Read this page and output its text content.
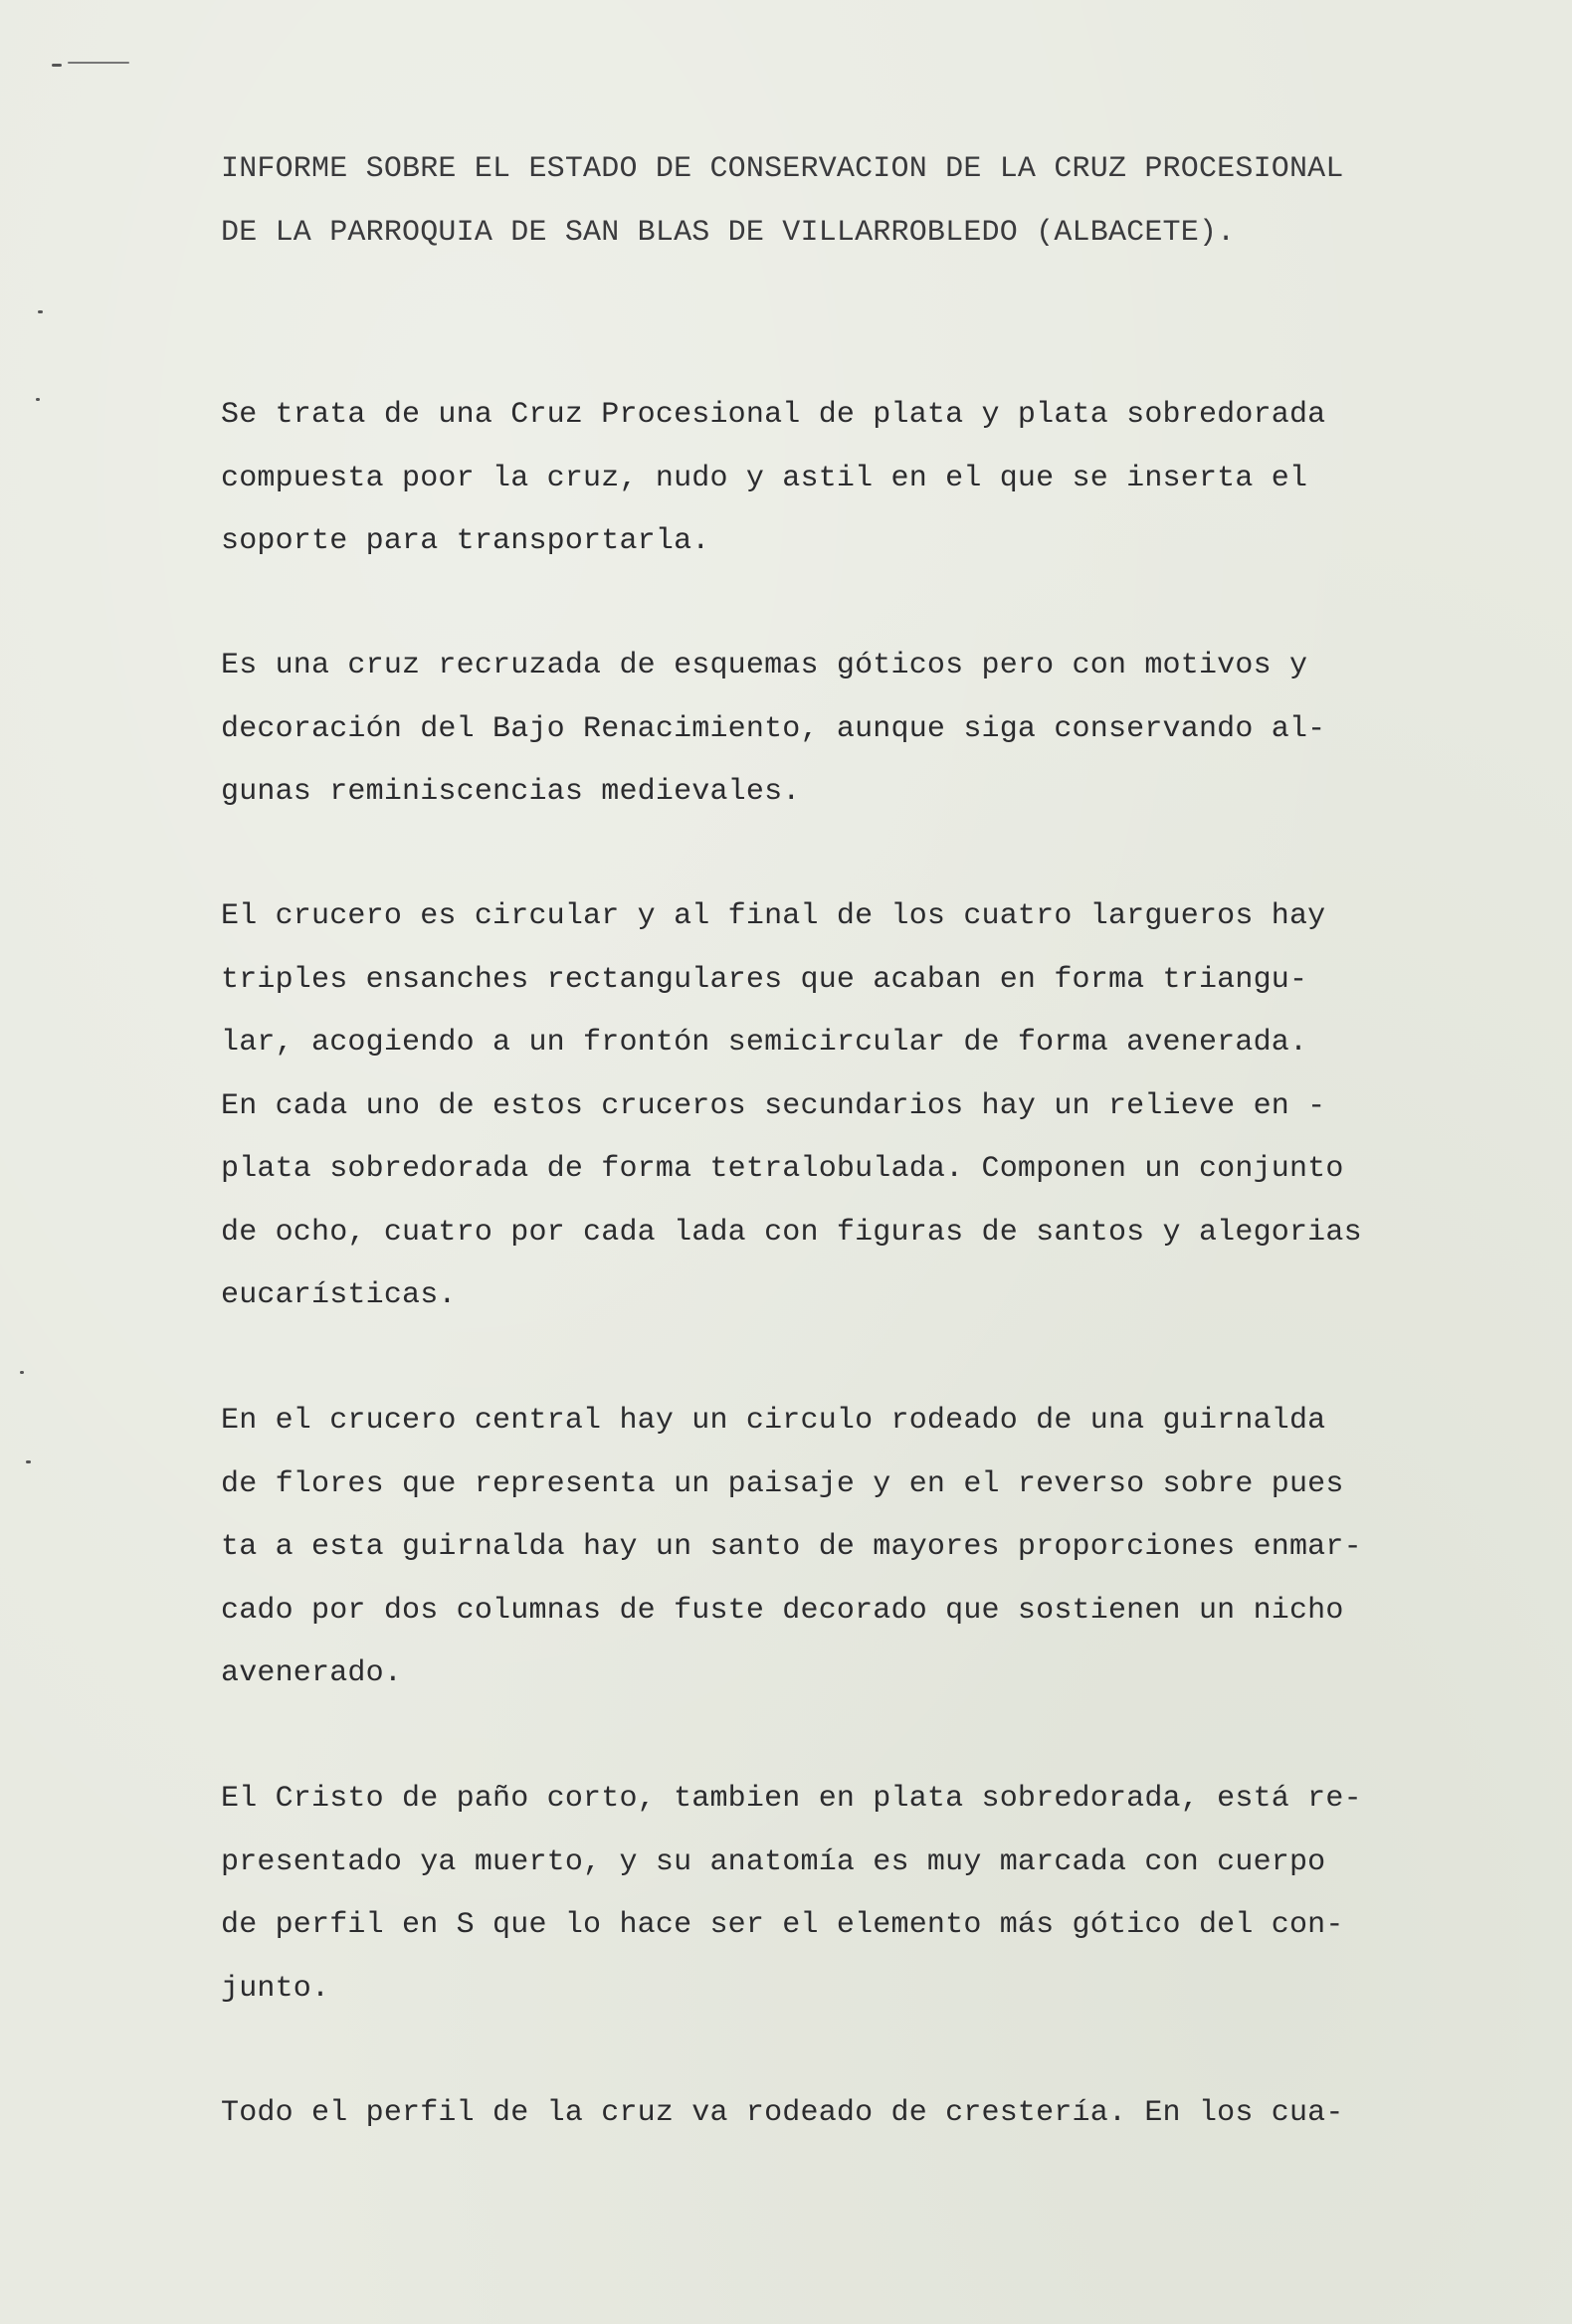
INFORME SOBRE EL ESTADO DE CONSERVACION DE LA CRUZ PROCESIONAL
DE LA PARROQUIA DE SAN BLAS DE VILLARROBLEDO (ALBACETE).

Se trata de una Cruz Procesional de plata y plata sobredorada
compuesta poor la cruz, nudo y astil en el que se inserta el
soporte para transportarla.

Es una cruz recruzada de esquemas góticos pero con motivos y
decoración del Bajo Renacimiento, aunque siga conservando al-
gunas reminiscencias medievales.

El crucero es circular y al final de los cuatro largueros hay
triples ensanches rectangulares que acaban en forma triangu-
lar, acogiendo a un frontón semicircular de forma avenerada.
En cada uno de estos cruceros secundarios hay un relieve en -
plata sobredorada de forma tetralobulada. Componen un conjunto
de ocho, cuatro por cada lada con figuras de santos y alegorias
eucarísticas.

En el crucero central hay un circulo rodeado de una guirnalda
de flores que representa un paisaje y en el reverso sobre pues
ta a esta guirnalda hay un santo de mayores proporciones enmar-
cado por dos columnas de fuste decorado que sostienen un nicho
avenerado.

El Cristo de paño corto, tambien en plata sobredorada, está re-
presentado ya muerto, y su anatomía es muy marcada con cuerpo
de perfil en S que lo hace ser el elemento más gótico del con-
junto.

Todo el perfil de la cruz va rodeado de crestería. En los cua-
